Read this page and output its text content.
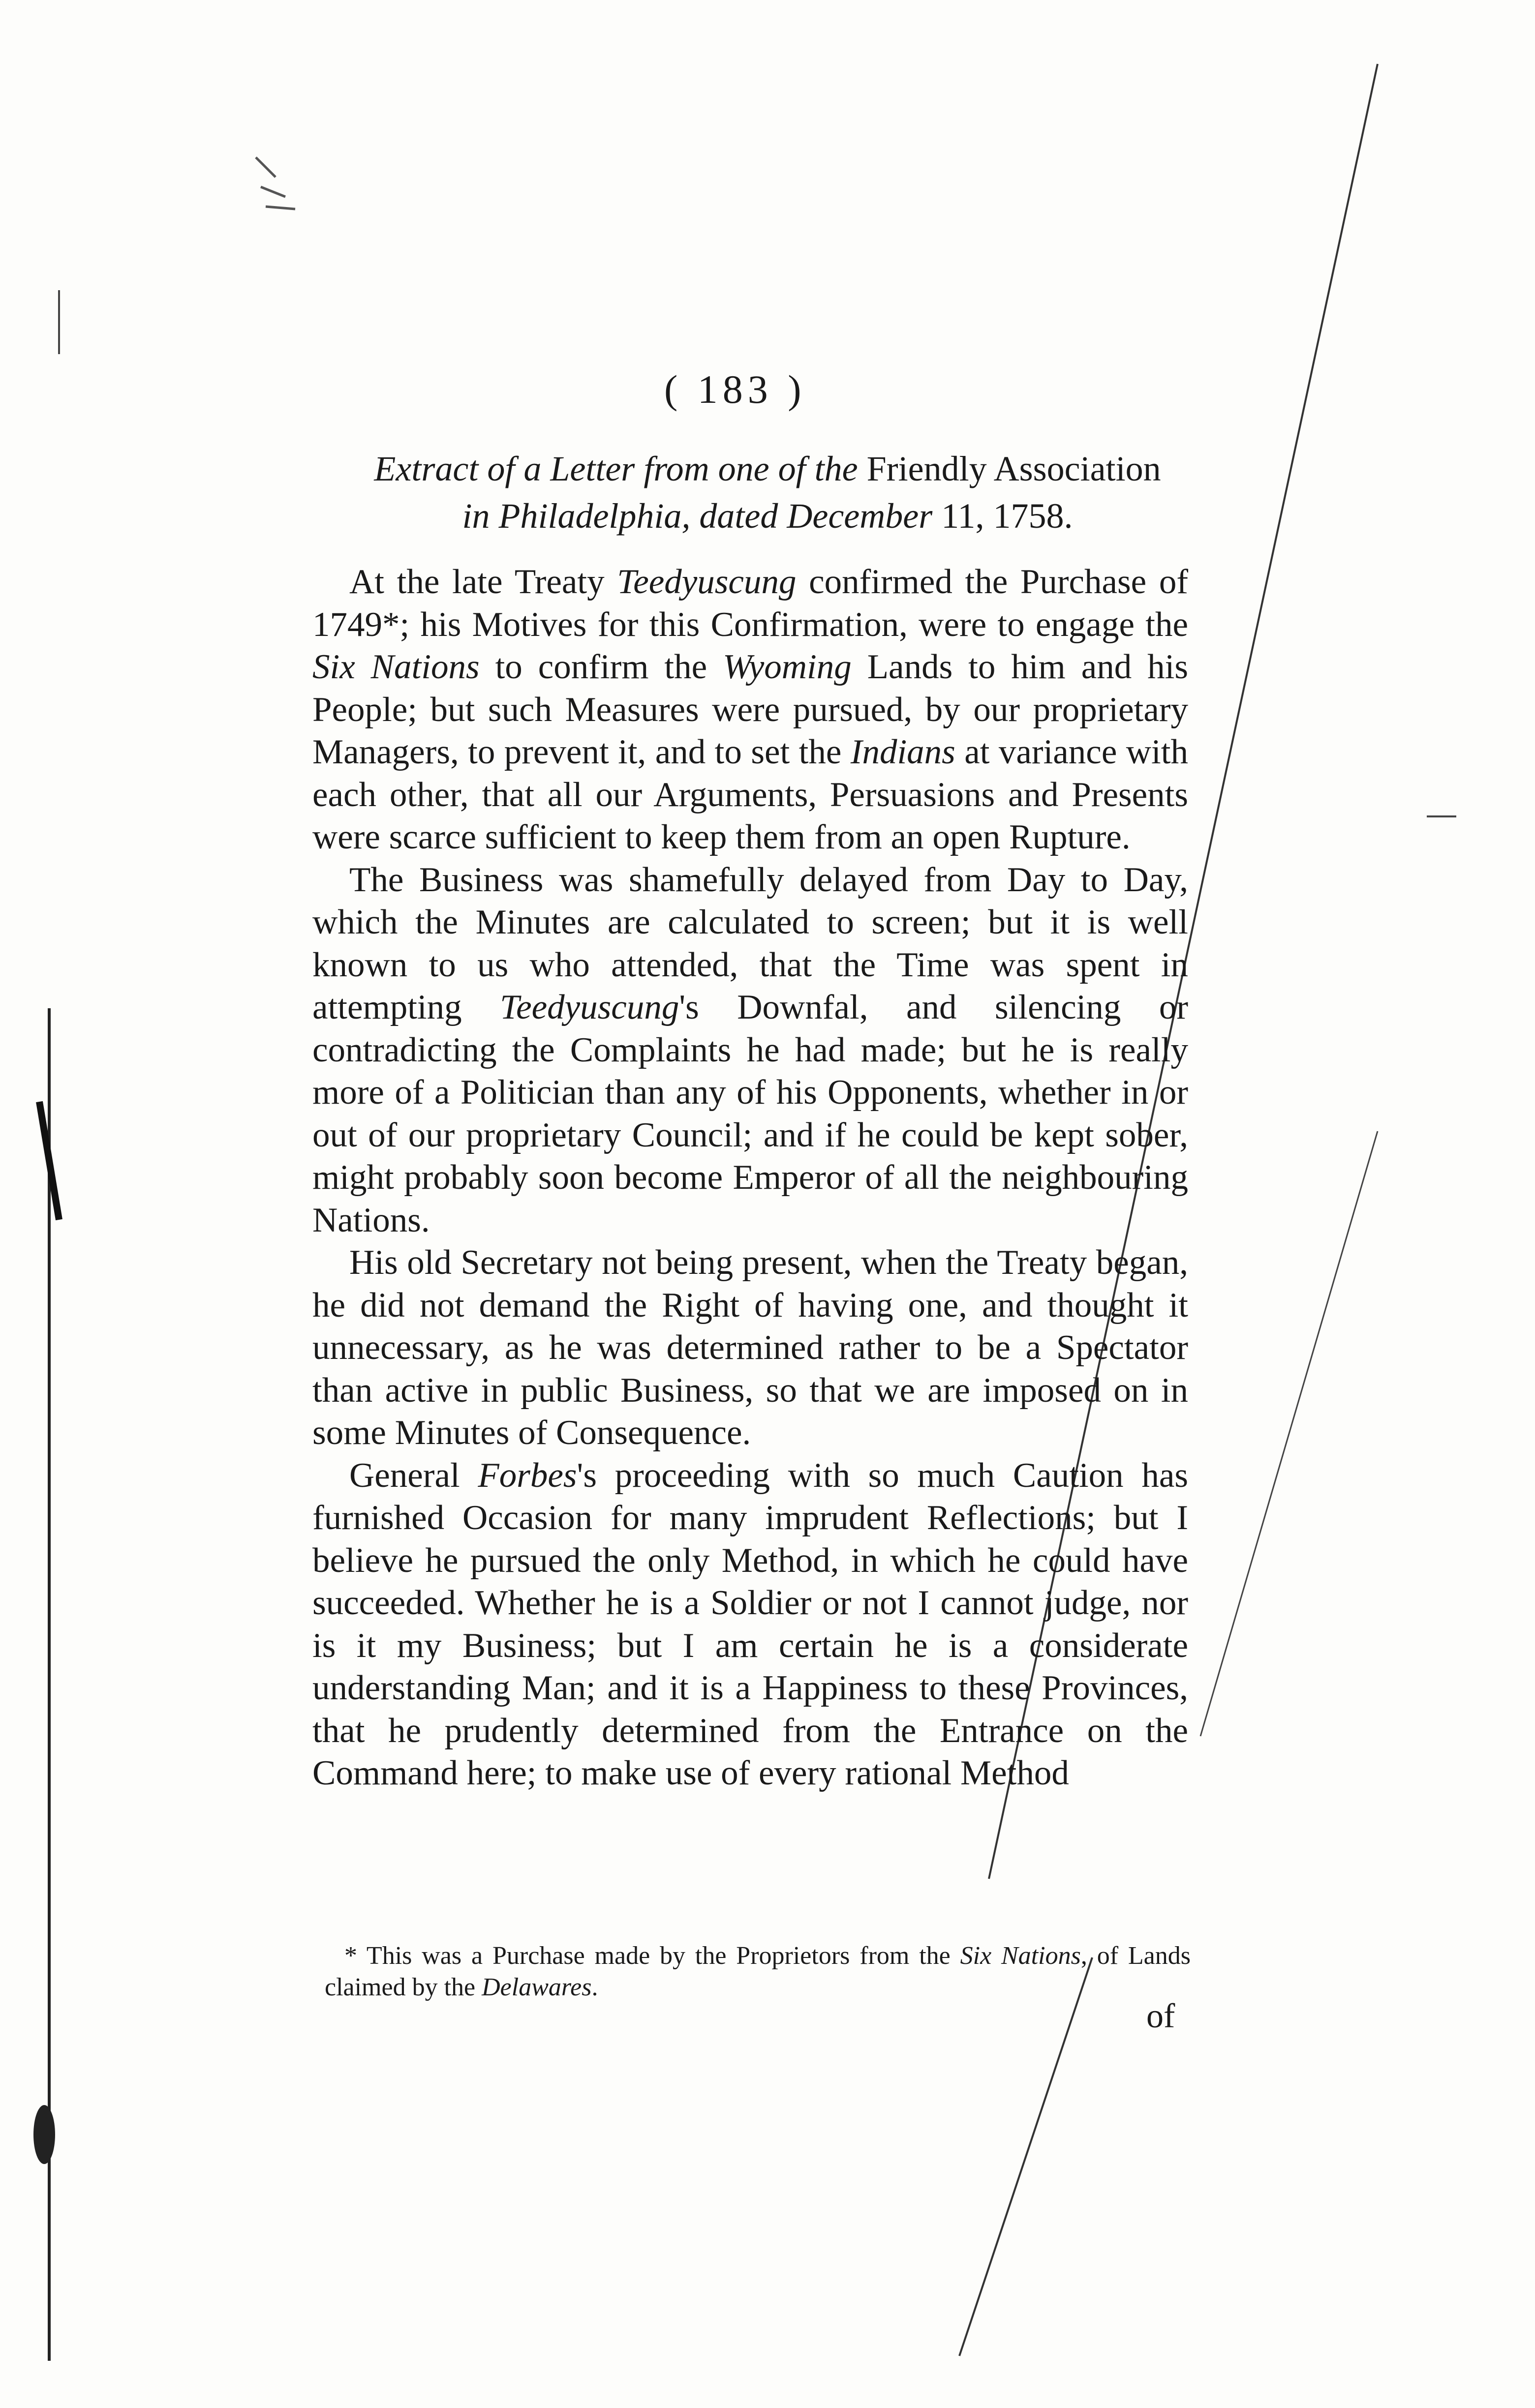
( 183 )
Extract of a Letter from one of the Friendly Association
in Philadelphia, dated December 11, 1758.

At the late Treaty Teedyuscung confirmed the Purchase of 1749*; his Motives for this Confirmation, were to engage the Six Nations to confirm the Wyoming Lands to him and his People; but such Measures were pursued, by our proprietary Managers, to prevent it, and to set the Indians at variance with each other, that all our Arguments, Persuasions and Presents were scarce sufficient to keep them from an open Rupture.

The Business was shamefully delayed from Day to Day, which the Minutes are calculated to screen; but it is well known to us who attended, that the Time was spent in attempting Teedyuscung's Downfal, and silencing or contradicting the Complaints he had made; but he is really more of a Politician than any of his Opponents, whether in or out of our proprietary Council; and if he could be kept sober, might probably soon become Emperor of all the neighbouring Nations.

His old Secretary not being present, when the Treaty began, he did not demand the Right of having one, and thought it unnecessary, as he was determined rather to be a Spectator than active in public Business, so that we are imposed on in some Minutes of Consequence.

General Forbes's proceeding with so much Caution has furnished Occasion for many imprudent Reflections; but I believe he pursued the only Method, in which he could have succeeded. Whether he is a Soldier or not I cannot judge, nor is it my Business; but I am certain he is a considerate understanding Man; and it is a Happiness to these Provinces, that he prudently determined from the Entrance on the Command here; to make use of every rational Method

* This was a Purchase made by the Proprietors from the Six Nations, of Lands claimed by the Delawares.
of
